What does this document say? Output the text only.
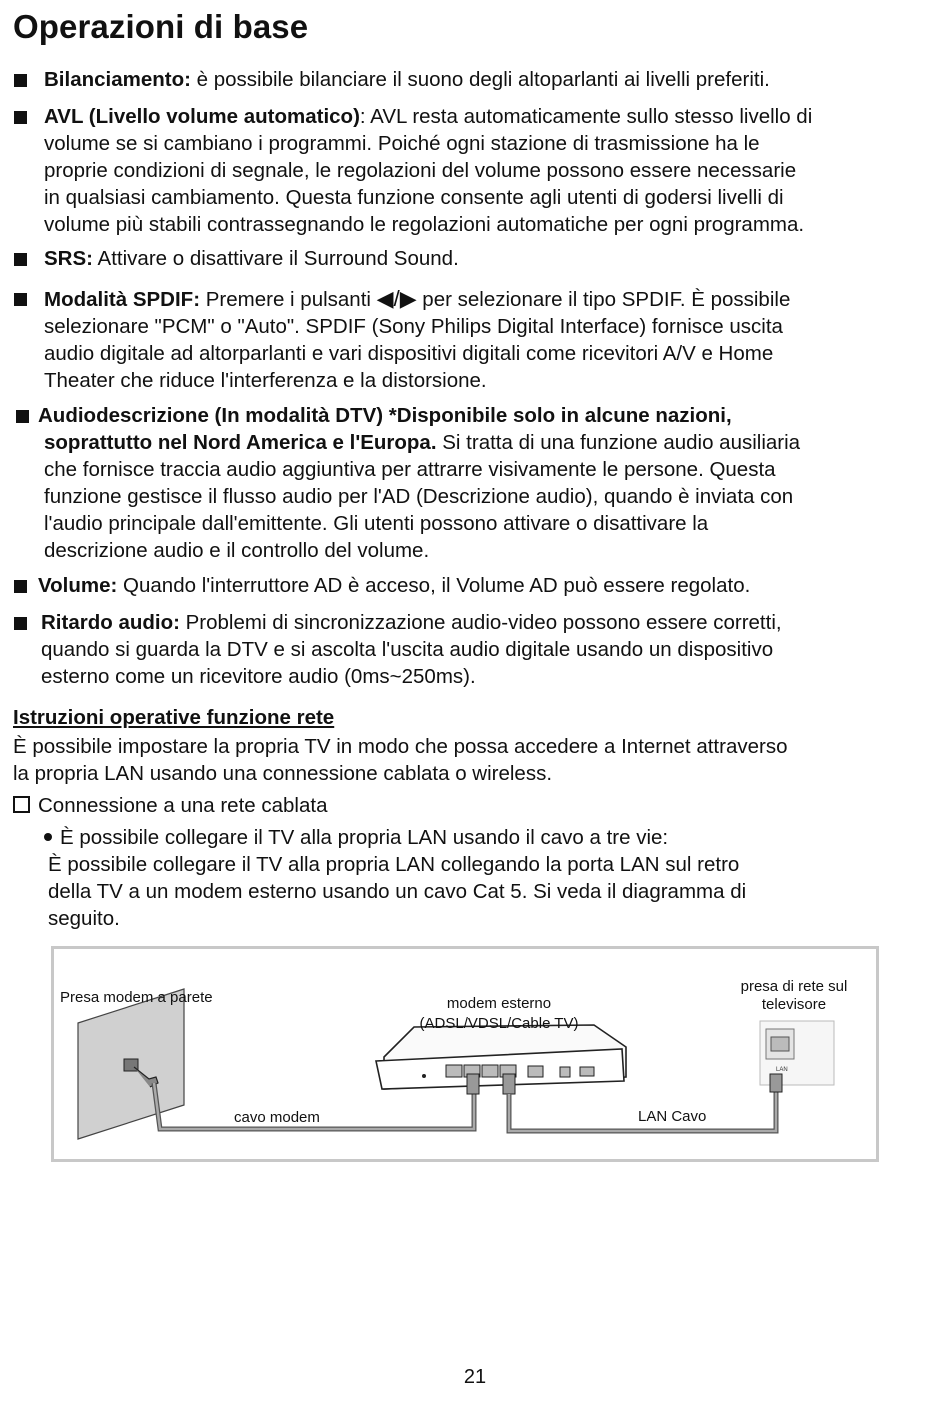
Operazioni di base
Bilanciamento: è possibile bilanciare il suono degli altoparlanti ai livelli preferiti.
AVL (Livello volume automatico): AVL resta automaticamente sullo stesso livello di
volume se si cambiano i programmi. Poiché ogni stazione di trasmissione ha le
proprie condizioni di segnale, le regolazioni del volume possono essere necessarie
in qualsiasi cambiamento. Questa funzione consente agli utenti di godersi livelli di
volume più stabili contrassegnando le regolazioni automatiche per ogni programma.
SRS: Attivare o disattivare il Surround Sound.
Modalità SPDIF: Premere i pulsanti ◀/▶ per selezionare il tipo SPDIF. È possibile
selezionare "PCM" o "Auto". SPDIF (Sony Philips Digital Interface) fornisce uscita
audio digitale ad altorparlanti e vari dispositivi digitali come ricevitori A/V e Home
Theater che riduce l'interferenza e la distorsione.
Audiodescrizione (In modalità DTV) *Disponibile solo in alcune nazioni,
soprattutto nel Nord America e l'Europa. Si tratta di una funzione audio ausiliaria
che fornisce traccia audio aggiuntiva per attrarre visivamente le persone. Questa
funzione gestisce il flusso audio per l'AD (Descrizione audio), quando è inviata con
l'audio principale dall'emittente. Gli utenti possono attivare o disattivare la
descrizione audio e il controllo del volume.
Volume: Quando l'interruttore AD è acceso, il Volume AD può essere regolato.
Ritardo audio: Problemi di sincronizzazione audio-video possono essere corretti,
quando si guarda la DTV e si ascolta l'uscita audio digitale usando un dispositivo
esterno come un ricevitore audio (0ms~250ms).
Istruzioni operative funzione rete
È possibile impostare la propria TV in modo che possa accedere a Internet attraverso
la propria LAN usando una connessione cablata o wireless.
Connessione a una rete cablata
È possibile collegare il TV alla propria LAN usando il cavo a tre vie:
È possibile collegare il TV alla propria LAN collegando la porta LAN sul retro
della TV a un modem esterno usando un cavo Cat 5. Si veda il diagramma di
seguito.
LAN
Presa modem a parete	modem esterno
(ADSL/VDSL/Cable TV)
presa di rete sul
televisore
cavo modem	LAN Cavo
21
